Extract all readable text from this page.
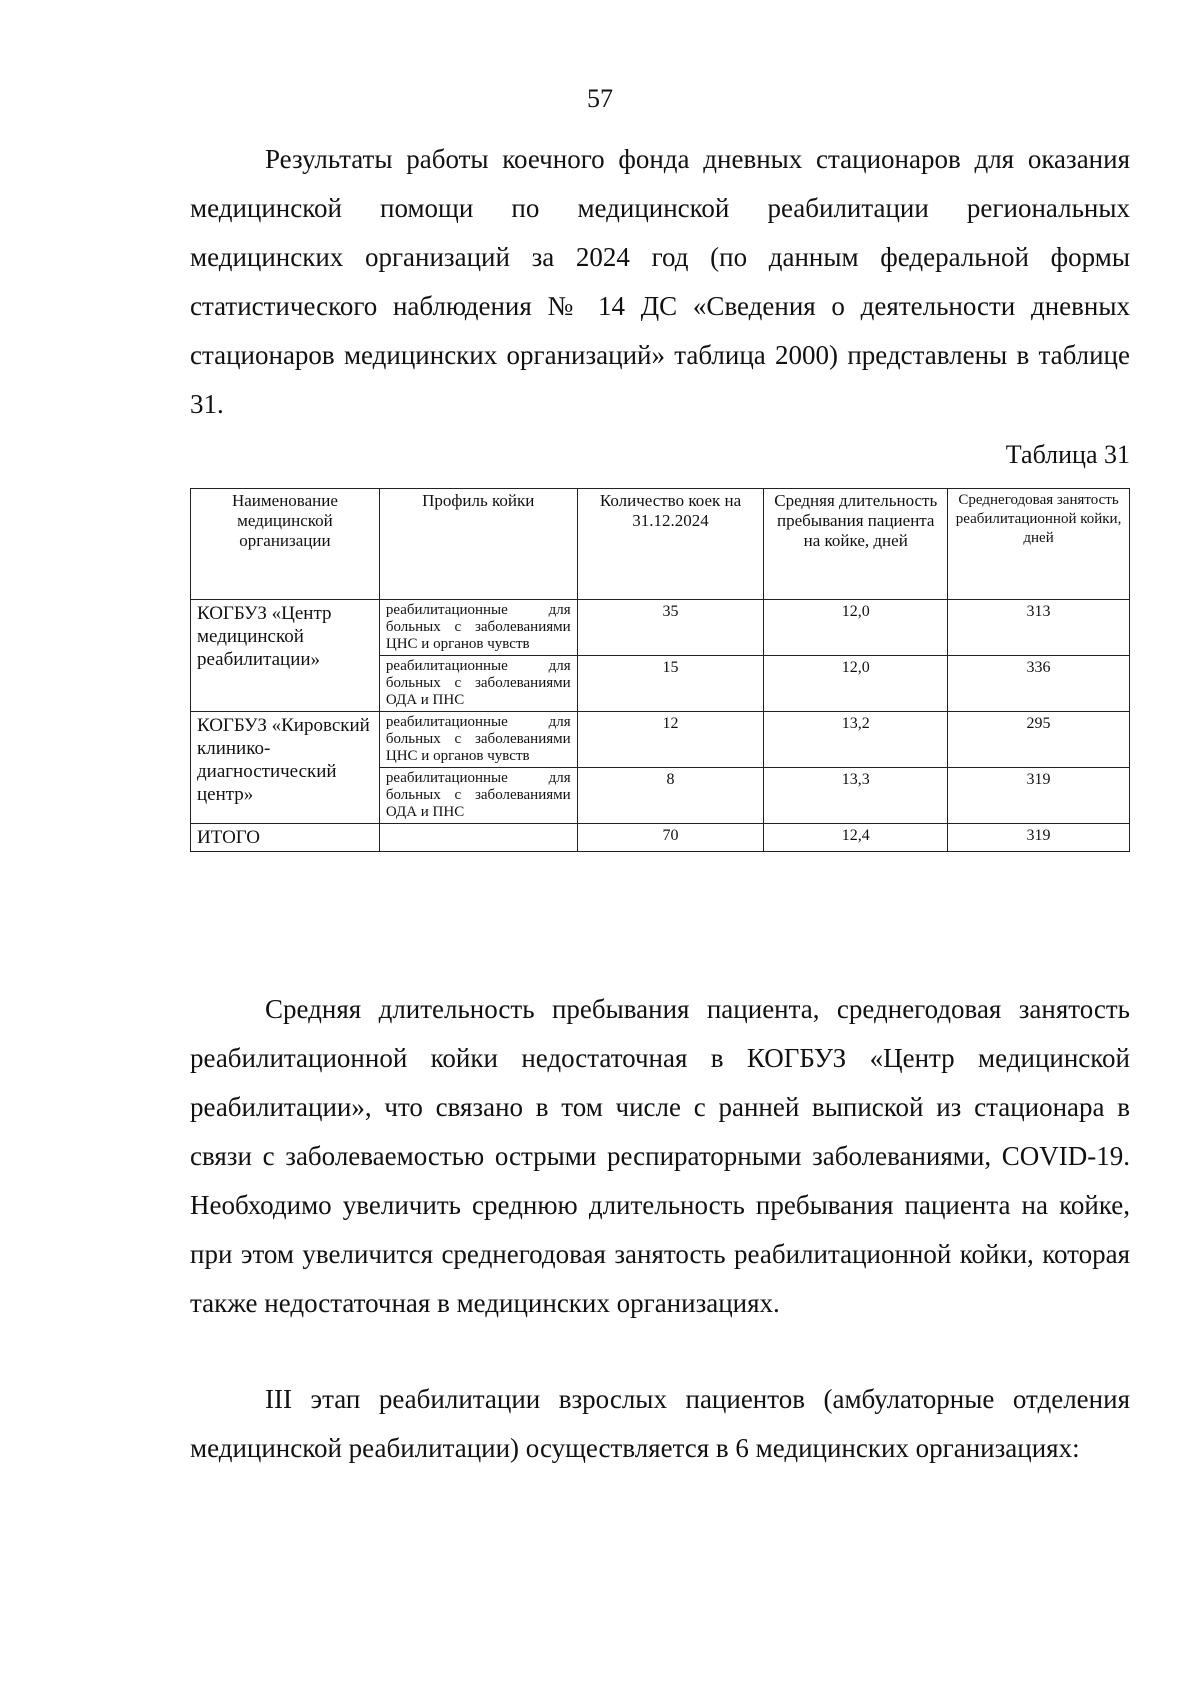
57

Результаты работы коечного фонда дневных стационаров для оказания медицинской помощи по медицинской реабилитации региональных медицинских организаций за 2024 год (по данным федеральной формы статистического наблюдения № 14 ДС «Сведения о деятельности дневных стационаров медицинских организаций» таблица 2000) представлены в таблице 31.

Таблица 31
Наименование медицинской организации	Профиль койки	Количество коек на 31.12.2024	Средняя длительность пребывания пациента на койке, дней	Среднегодовая занятость реабилитационной койки, дней
КОГБУЗ «Центр медицинской реабилитации»	реабилитационные для больных с заболеваниями ЦНС и органов чувств	35	12,0	313
	реабилитационные для больных с заболеваниями ОДА и ПНС	15	12,0	336
КОГБУЗ «Кировский клинико-диагностический центр»	реабилитационные для больных с заболеваниями ЦНС и органов чувств	12	13,2	295
	реабилитационные для больных с заболеваниями ОДА и ПНС	8	13,3	319
ИТОГО		70	12,4	319

Средняя длительность пребывания пациента, среднегодовая занятость реабилитационной койки недостаточная в КОГБУЗ «Центр медицинской реабилитации», что связано в том числе с ранней выпиской из стационара в связи с заболеваемостью острыми респираторными заболеваниями, COVID-19. Необходимо увеличить среднюю длительность пребывания пациента на койке, при этом увеличится среднегодовая занятость реабилитационной койки, которая также недостаточная в медицинских организациях.

III этап реабилитации взрослых пациентов (амбулаторные отделения медицинской реабилитации) осуществляется в 6 медицинских организациях:
